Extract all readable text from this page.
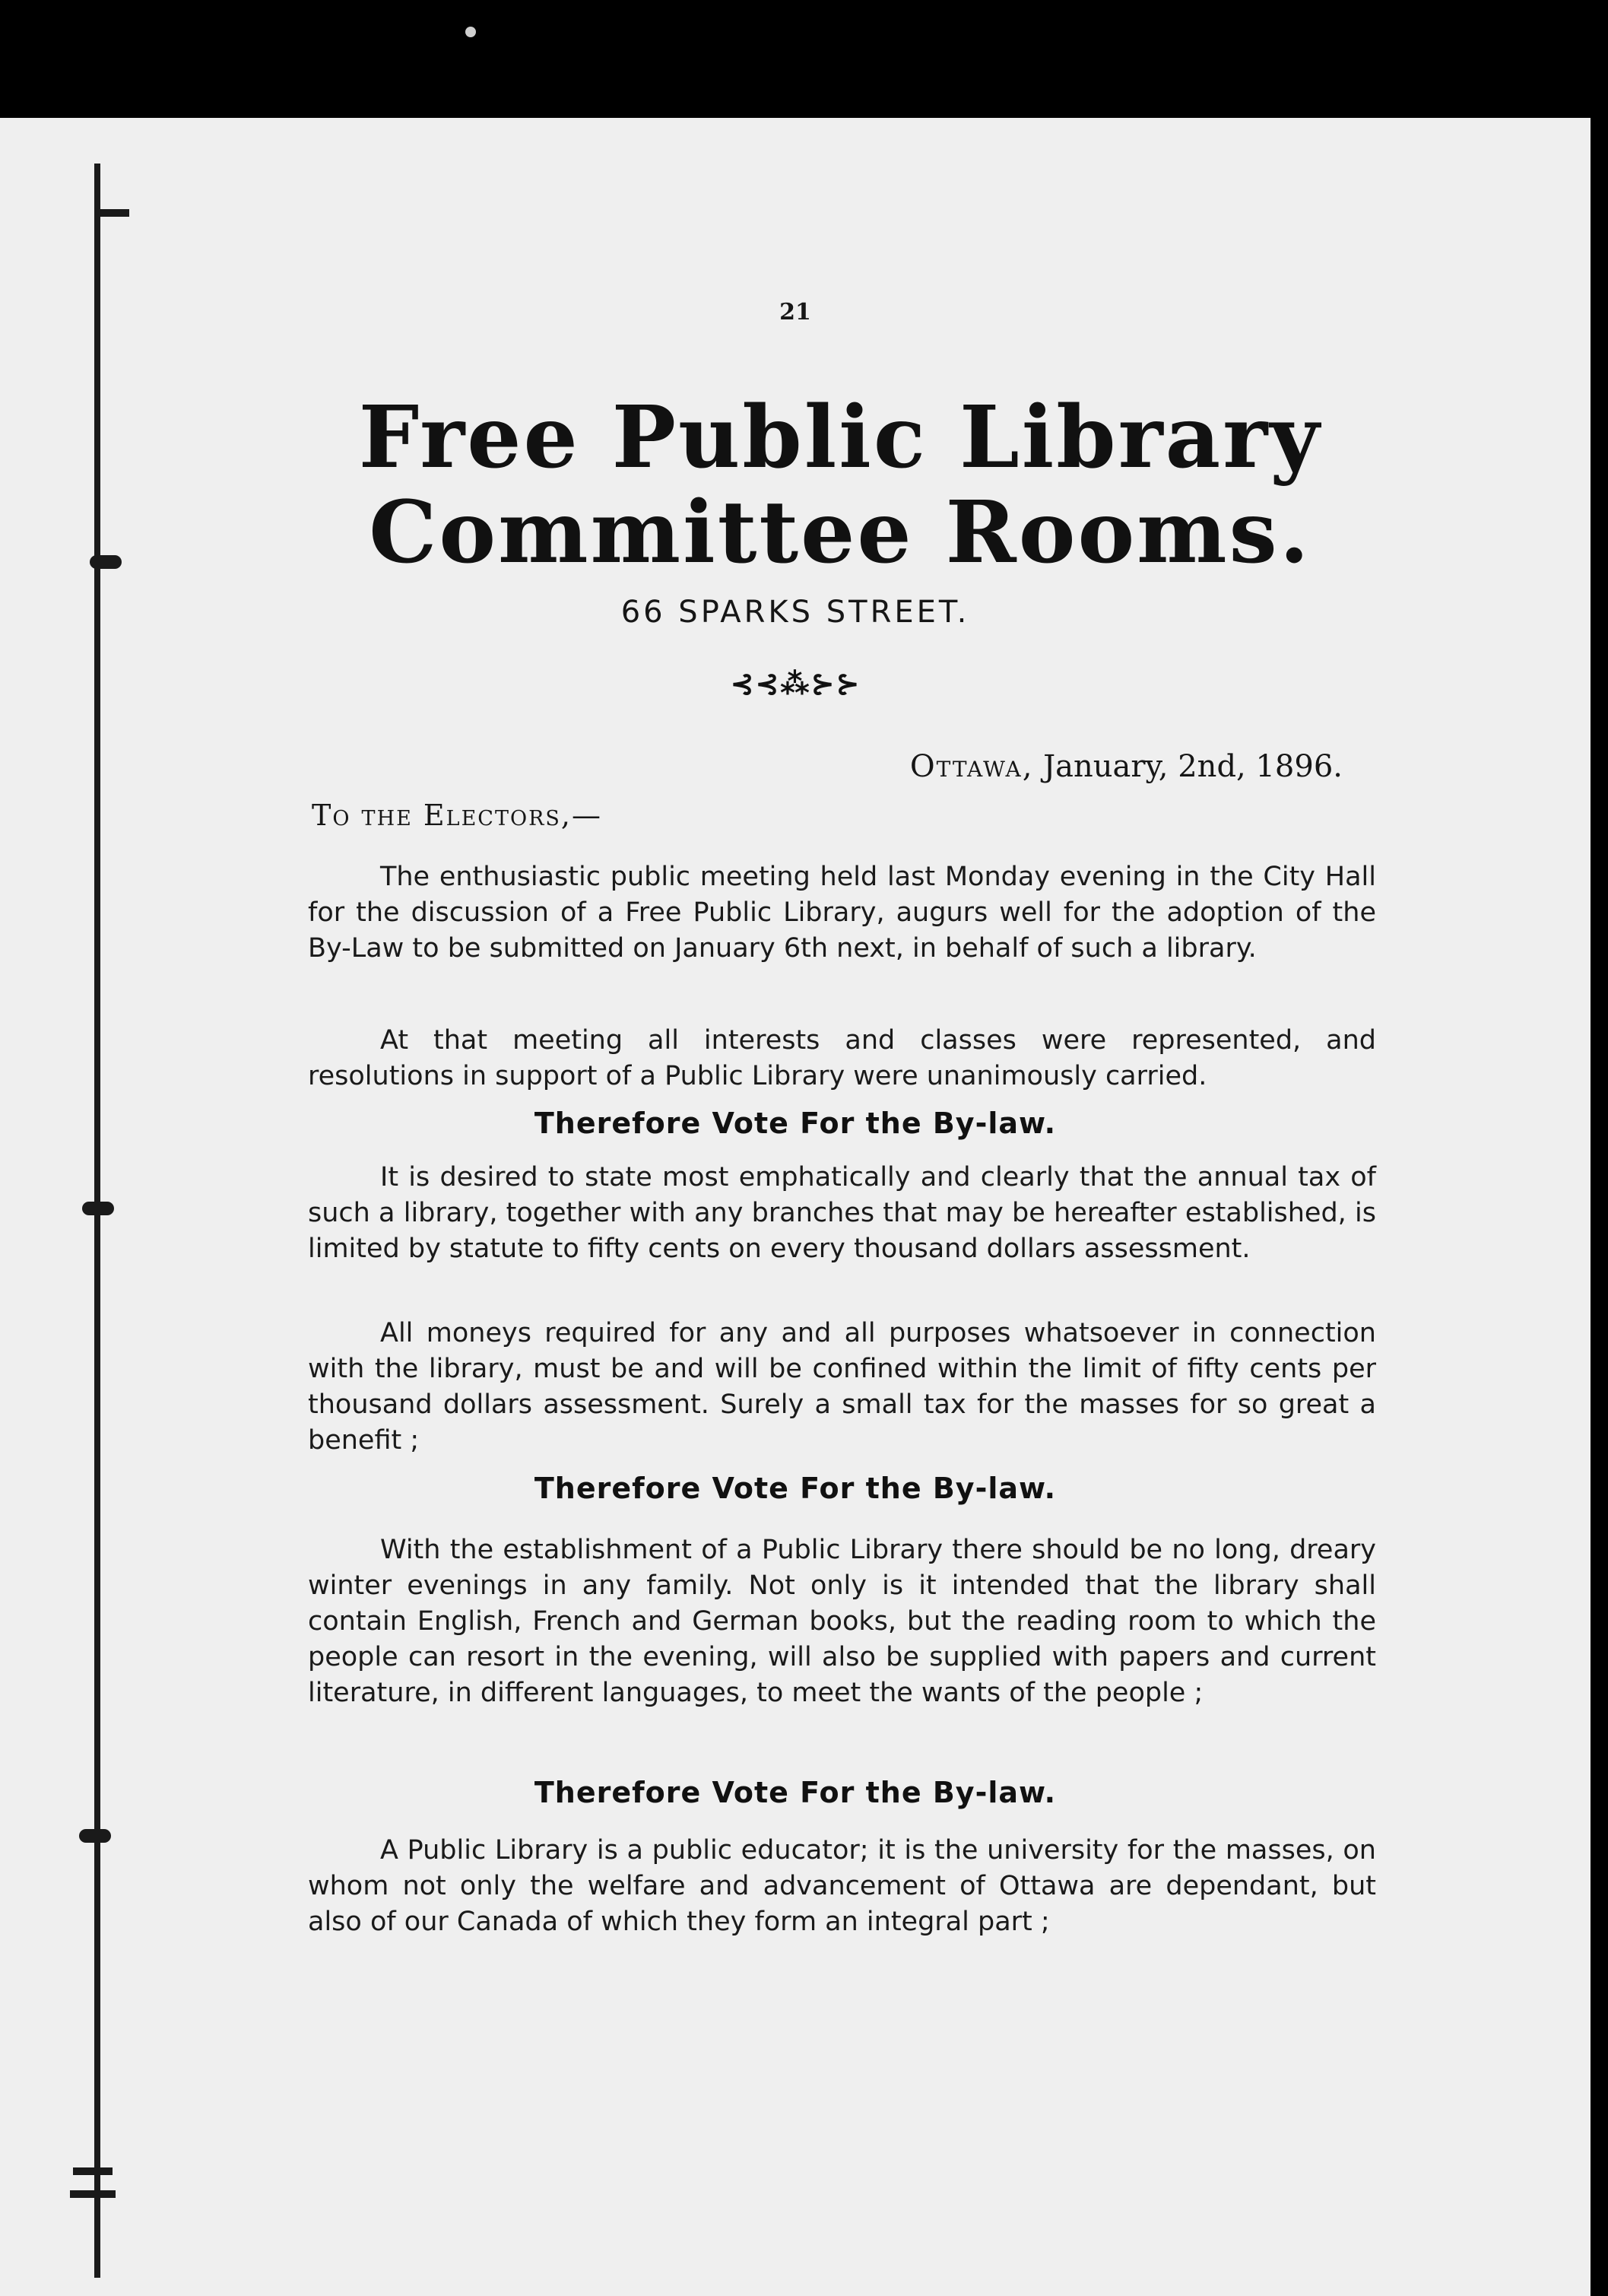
21
Free Public Library
Committee Rooms.
66 SPARKS STREET.
⊰⊰⁂⊱⊱
Ottawa, January, 2nd, 1896.
To the Electors,—

The enthusiastic public meeting held last Monday evening in the City Hall for the discussion of a Free Public Library, augurs well for the adoption of the By-Law to be submitted on January 6th next, in behalf of such a library.

At that meeting all interests and classes were represented, and resolutions in support of a Public Library were unanimously carried.

Therefore Vote For the By-law.

It is desired to state most emphatically and clearly that the annual tax of such a library, together with any branches that may be hereafter established, is limited by statute to fifty cents on every thousand dollars assessment.

All moneys required for any and all purposes whatsoever in connection with the library, must be and will be confined within the limit of fifty cents per thousand dollars assessment. Surely a small tax for the masses for so great a benefit ;

Therefore Vote For the By-law.

With the establishment of a Public Library there should be no long, dreary winter evenings in any family. Not only is it intended that the library shall contain English, French and German books, but the reading room to which the people can resort in the evening, will also be supplied with papers and current literature, in different languages, to meet the wants of the people ;

Therefore Vote For the By-law.

A Public Library is a public educator; it is the university for the masses, on whom not only the welfare and advancement of Ottawa are dependant, but also of our Canada of which they form an integral part ;
